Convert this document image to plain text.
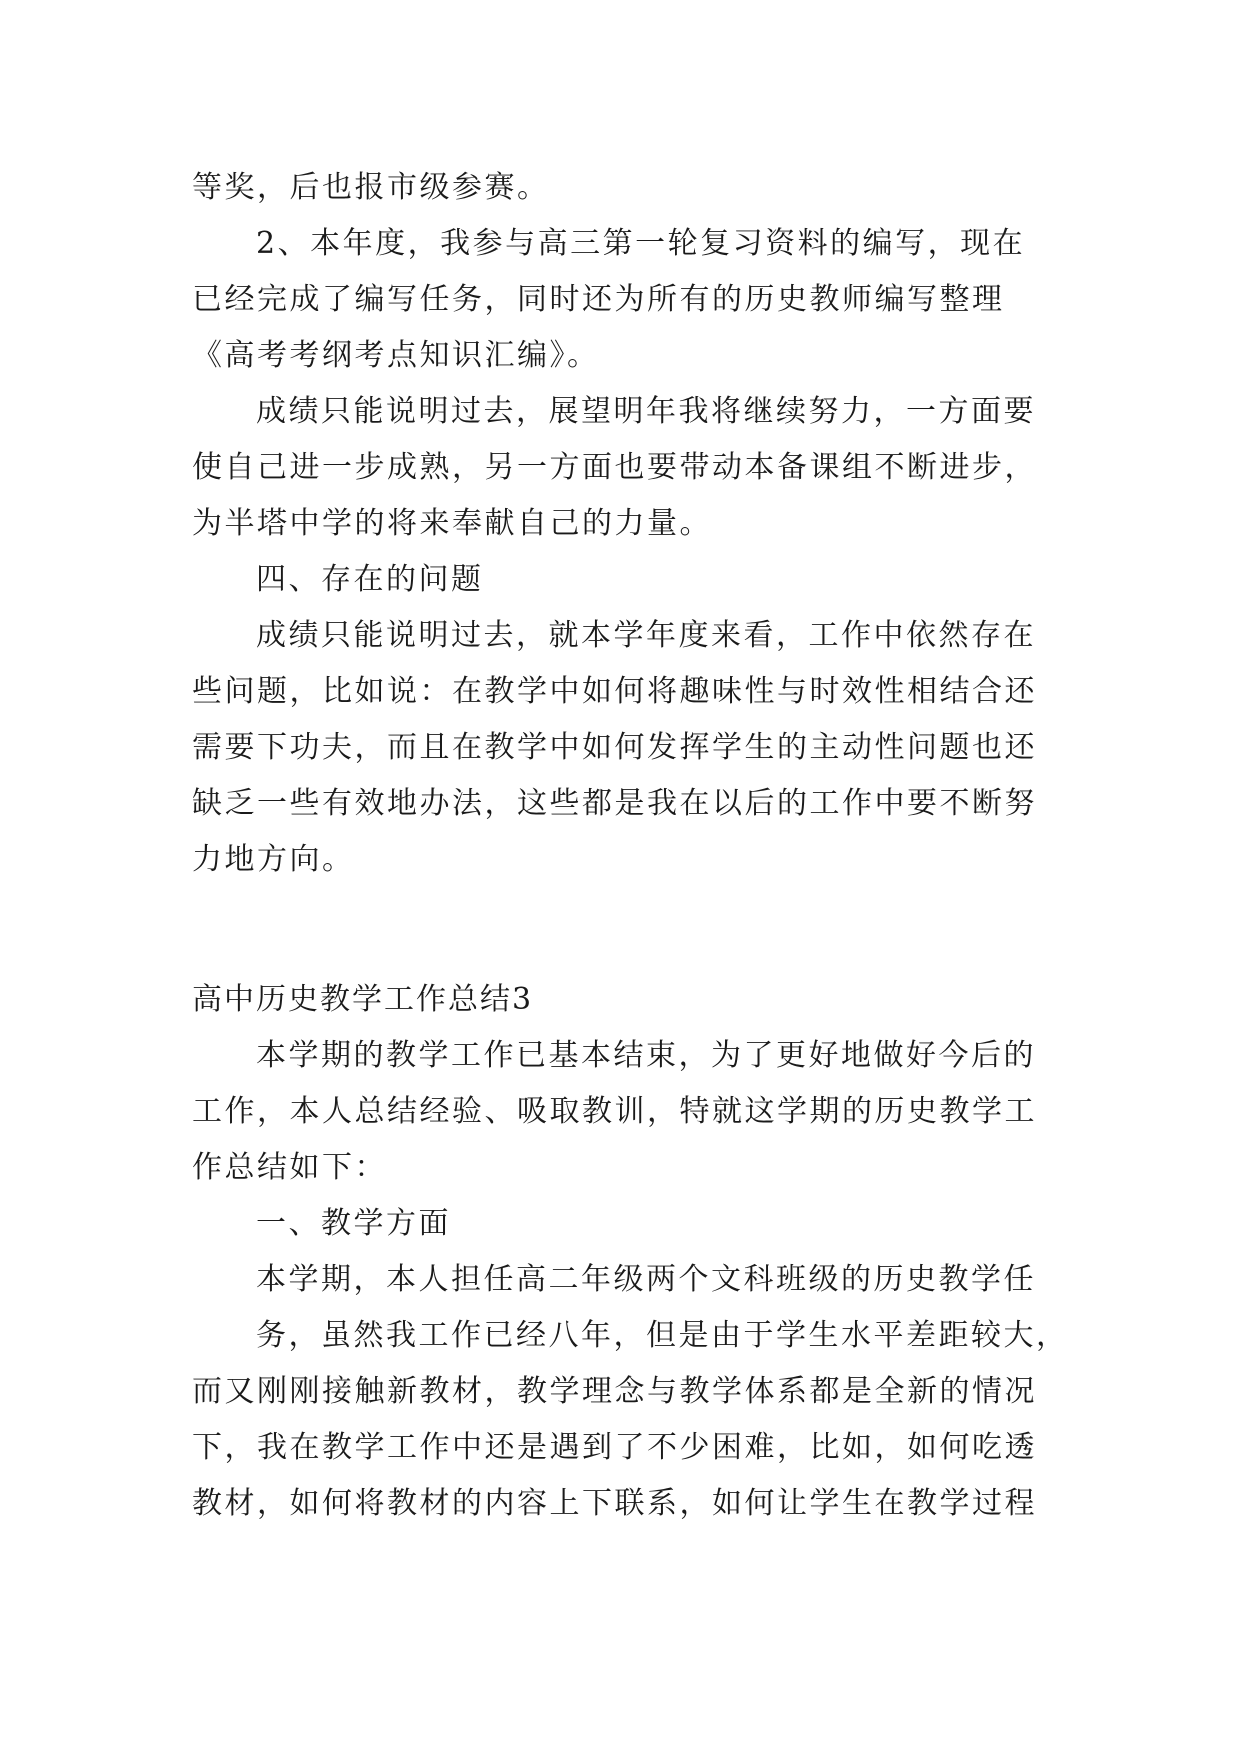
等奖，后也报市级参赛。
2、本年度，我参与高三第一轮复习资料的编写，现在
已经完成了编写任务，同时还为所有的历史教师编写整理
《高考考纲考点知识汇编》。
成绩只能说明过去，展望明年我将继续努力，一方面要
使自己进一步成熟，另一方面也要带动本备课组不断进步，
为半塔中学的将来奉献自己的力量。
四、存在的问题
成绩只能说明过去，就本学年度来看，工作中依然存在
些问题，比如说：在教学中如何将趣味性与时效性相结合还
需要下功夫，而且在教学中如何发挥学生的主动性问题也还
缺乏一些有效地办法，这些都是我在以后的工作中要不断努
力地方向。
高中历史教学工作总结3
本学期的教学工作已基本结束，为了更好地做好今后的
工作，本人总结经验、吸取教训，特就这学期的历史教学工
作总结如下：
一、教学方面
本学期，本人担任高二年级两个文科班级的历史教学任
务，虽然我工作已经八年，但是由于学生水平差距较大，
而又刚刚接触新教材，教学理念与教学体系都是全新的情况
下，我在教学工作中还是遇到了不少困难，比如，如何吃透
教材，如何将教材的内容上下联系，如何让学生在教学过程
